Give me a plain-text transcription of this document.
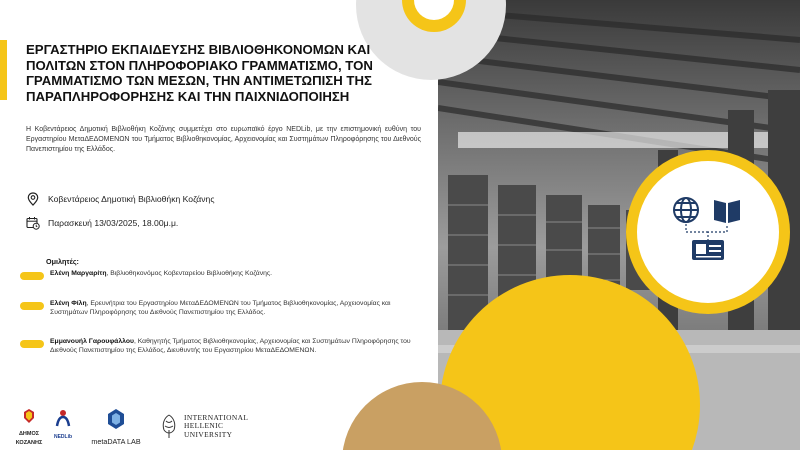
ΕΡΓΑΣΤΗΡΙΟ ΕΚΠΑΙΔΕΥΣΗΣ ΒΙΒΛΙΟΘΗΚΟΝΟΜΩΝ ΚΑΙ ΠΟΛΙΤΩΝ ΣΤΟΝ ΠΛΗΡΟΦΟΡΙΑΚΟ ΓΡΑΜΜΑΤΙΣΜΟ, ΤΟΝ ΓΡΑΜΜΑΤΙΣΜΟ ΤΩΝ ΜΕΣΩΝ, ΤΗΝ ΑΝΤΙΜΕΤΩΠΙΣΗ ΤΗΣ ΠΑΡΑΠΛΗΡΟΦΟΡΗΣΗΣ ΚΑΙ ΤΗΝ ΠΑΙΧΝΙΔΟΠΟΙΗΣΗ

Η Κοβεντάρειος Δημοτική Βιβλιοθήκη Κοζάνης συμμετέχει στο ευρωπαϊκό έργο NEDLib, με την επιστημονική ευθύνη του Εργαστηρίου ΜεταΔΕΔΟΜΕΝΩΝ του Τμήματος Βιβλιοθηκονομίας, Αρχειονομίας και Συστημάτων Πληροφόρησης του Διεθνούς Πανεπιστημίου της Ελλάδος.

Κοβεντάρειος Δημοτική Βιβλιοθήκη Κοζάνης
Παρασκευή 13/03/2025, 18.00μ.μ.

Ομιλητές:

Ελένη Μαργαρίτη, Βιβλιοθηκονόμος Κοβενταρείου Βιβλιοθήκης Κοζάνης.
Ελένη Φίλη, Ερευνήτρια του Εργαστηρίου ΜεταΔΕΔΟΜΕΝΩΝ του Τμήματος Βιβλιοθηκονομίας, Αρχειονομίας και Συστημάτων Πληροφόρησης του Διεθνούς Πανεπιστημίου της Ελλάδος.
Εμμανουήλ Γαρουφάλλου, Καθηγητής Τμήματος Βιβλιοθηκονομίας, Αρχειονομίας και Συστημάτων Πληροφόρησης του Διεθνούς Πανεπιστημίου της Ελλάδος, Διευθυντής του Εργαστηρίου ΜεταΔΕΔΟΜΕΝΩΝ.
ΔΗΜΟΣ
ΚΟΖΑΝΗΣ
NEDLib	metaDATA LAB
INTERNATIONAL
HELLENIC
UNIVERSITY
